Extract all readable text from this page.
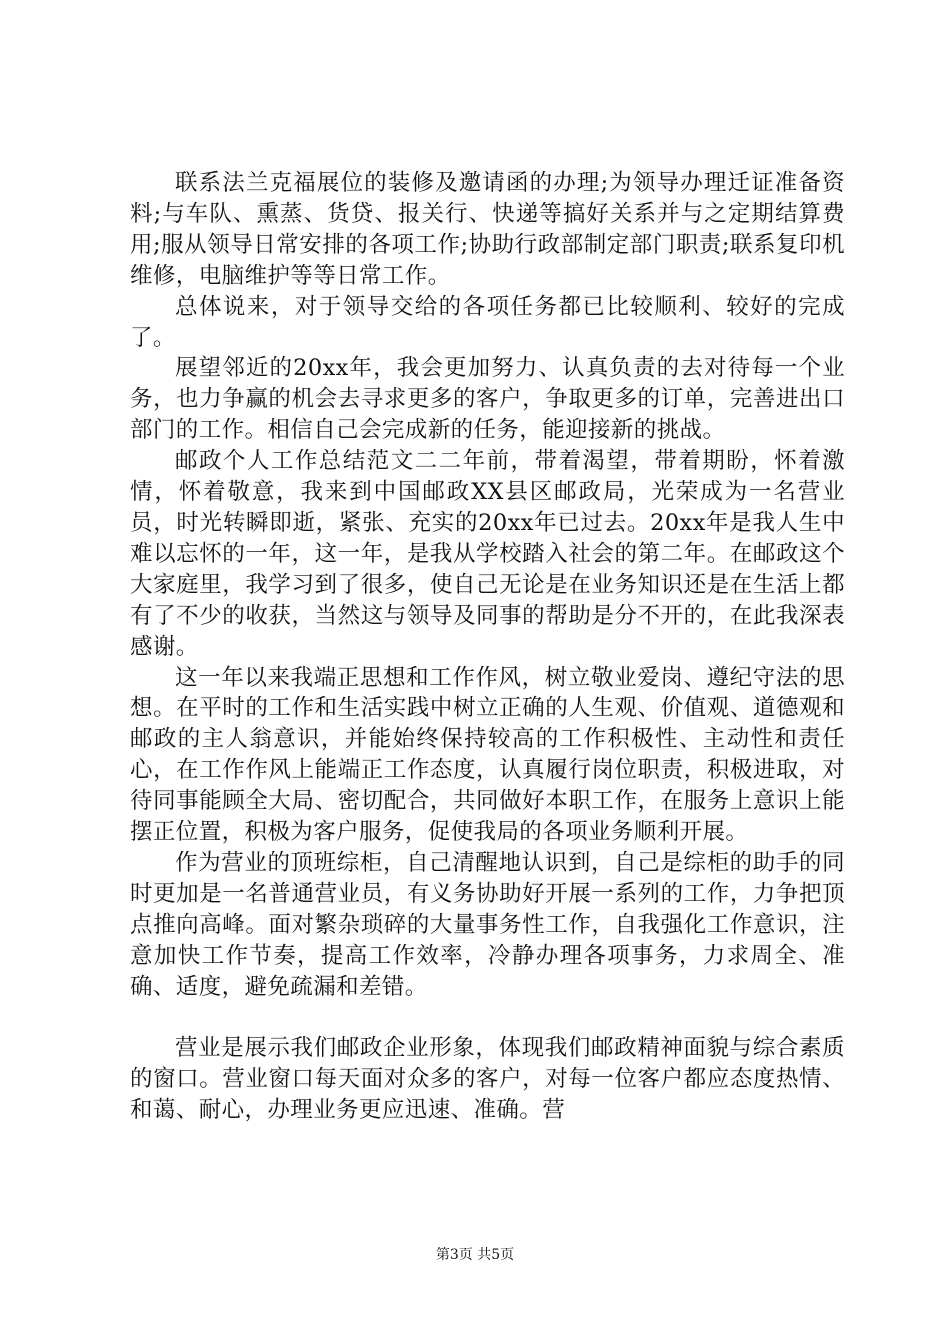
联系法兰克福展位的装修及邀请函的办理;为领导办理迁证准备资料;与车队、熏蒸、货贷、报关行、快递等搞好关系并与之定期结算费用;服从领导日常安排的各项工作;协助行政部制定部门职责;联系复印机维修，电脑维护等等日常工作。

总体说来，对于领导交给的各项任务都已比较顺利、较好的完成了。

展望邻近的20xx年，我会更加努力、认真负责的去对待每一个业务，也力争赢的机会去寻求更多的客户，争取更多的订单，完善进出口部门的工作。相信自己会完成新的任务，能迎接新的挑战。

邮政个人工作总结范文二二年前，带着渴望，带着期盼，怀着激情，怀着敬意，我来到中国邮政XX县区邮政局，光荣成为一名营业员，时光转瞬即逝，紧张、充实的20xx年已过去。20xx年是我人生中难以忘怀的一年，这一年，是我从学校踏入社会的第二年。在邮政这个大家庭里，我学习到了很多，使自己无论是在业务知识还是在生活上都有了不少的收获，当然这与领导及同事的帮助是分不开的，在此我深表感谢。

这一年以来我端正思想和工作作风，树立敬业爱岗、遵纪守法的思想。在平时的工作和生活实践中树立正确的人生观、价值观、道德观和邮政的主人翁意识，并能始终保持较高的工作积极性、主动性和责任心，在工作作风上能端正工作态度，认真履行岗位职责，积极进取，对待同事能顾全大局、密切配合，共同做好本职工作，在服务上意识上能摆正位置，积极为客户服务，促使我局的各项业务顺利开展。

作为营业的顶班综柜，自己清醒地认识到，自己是综柜的助手的同时更加是一名普通营业员，有义务协助好开展一系列的工作，力争把顶点推向高峰。面对繁杂琐碎的大量事务性工作，自我强化工作意识，注意加快工作节奏，提高工作效率，冷静办理各项事务，力求周全、准确、适度，避免疏漏和差错。

营业是展示我们邮政企业形象，体现我们邮政精神面貌与综合素质的窗口。营业窗口每天面对众多的客户，对每一位客户都应态度热情、和蔼、耐心，办理业务更应迅速、准确。营

第3页 共5页
